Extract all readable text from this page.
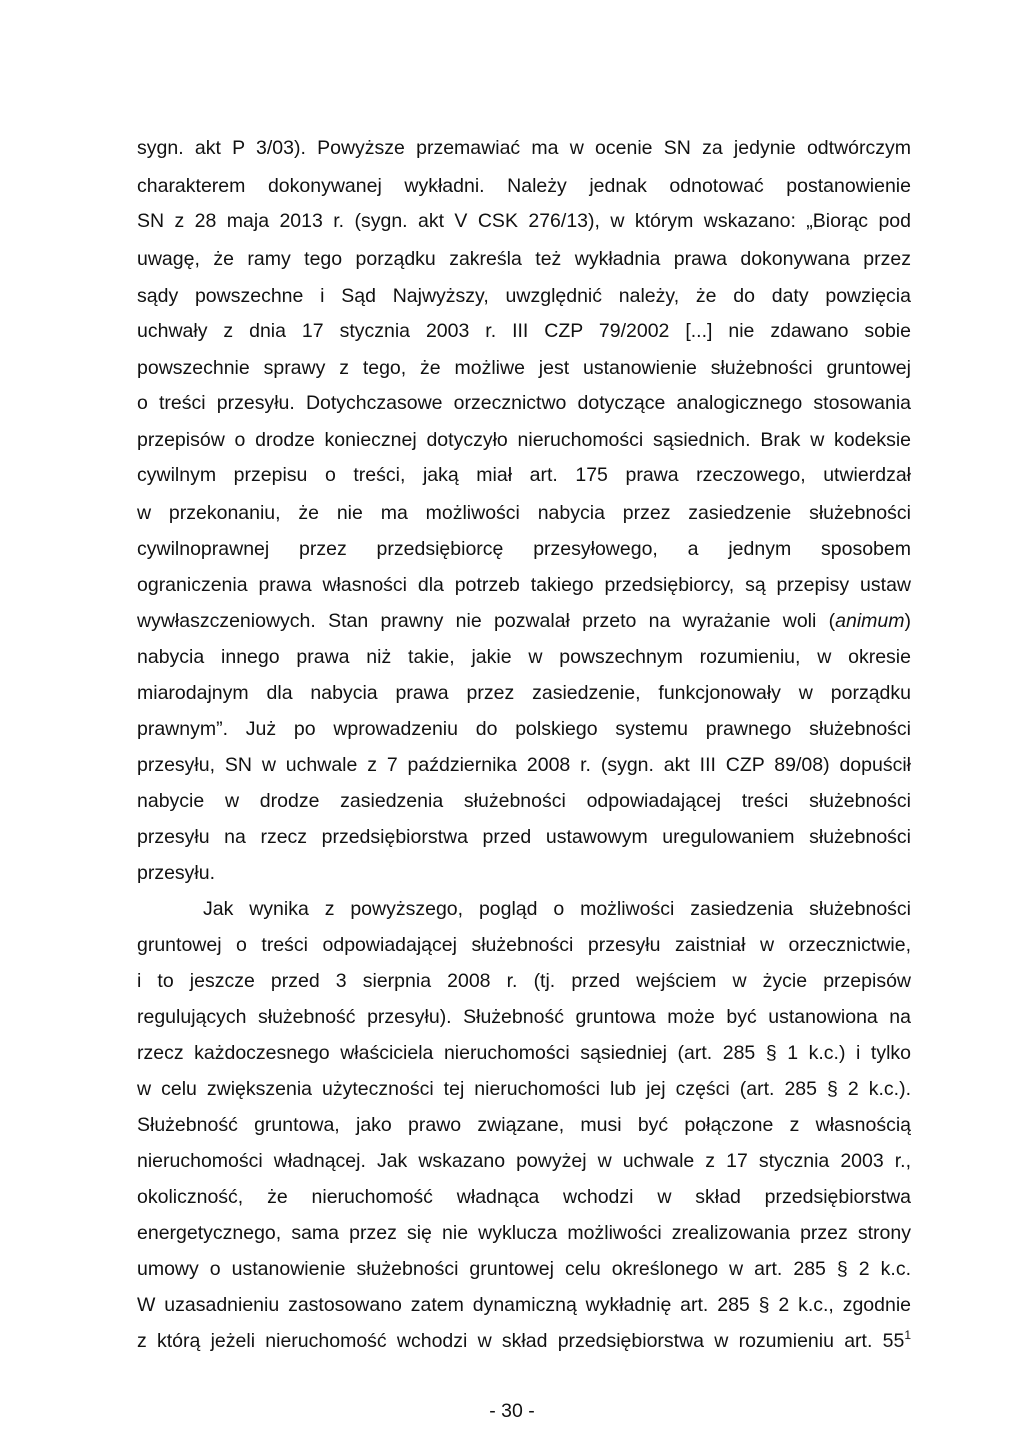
sygn. akt P 3/03). Powyższe przemawiać ma w ocenie SN za jedynie odtwórczym
charakterem dokonywanej wykładni. Należy jednak odnotować postanowienie
SN z 28 maja 2013 r. (sygn. akt V CSK 276/13), w którym wskazano: „Biorąc pod
uwagę, że ramy tego porządku zakreśla też wykładnia prawa dokonywana przez
sądy powszechne i Sąd Najwyższy, uwzględnić należy, że do daty powzięcia
uchwały z dnia 17 stycznia 2003 r. III CZP 79/2002 [...] nie zdawano sobie
powszechnie sprawy z tego, że możliwe jest ustanowienie służebności gruntowej
o treści przesyłu. Dotychczasowe orzecznictwo dotyczące analogicznego stosowania
przepisów o drodze koniecznej dotyczyło nieruchomości sąsiednich. Brak w kodeksie
cywilnym przepisu o treści, jaką miał art. 175 prawa rzeczowego, utwierdzał
w przekonaniu, że nie ma możliwości nabycia przez zasiedzenie służebności
cywilnoprawnej przez przedsiębiorcę przesyłowego, a jednym sposobem
ograniczenia prawa własności dla potrzeb takiego przedsiębiorcy, są przepisy ustaw
wywłaszczeniowych. Stan prawny nie pozwalał przeto na wyrażanie woli (animum)
nabycia innego prawa niż takie, jakie w powszechnym rozumieniu, w okresie
miarodajnym dla nabycia prawa przez zasiedzenie, funkcjonowały w porządku
prawnym”. Już po wprowadzeniu do polskiego systemu prawnego służebności
przesyłu, SN w uchwale z 7 października 2008 r. (sygn. akt III CZP 89/08) dopuścił
nabycie w drodze zasiedzenia służebności odpowiadającej treści służebności
przesyłu na rzecz przedsiębiorstwa przed ustawowym uregulowaniem służebności
przesyłu.
Jak wynika z powyższego, pogląd o możliwości zasiedzenia służebności
gruntowej o treści odpowiadającej służebności przesyłu zaistniał w orzecznictwie,
i to jeszcze przed 3 sierpnia 2008 r. (tj. przed wejściem w życie przepisów
regulujących służebność przesyłu). Służebność gruntowa może być ustanowiona na
rzecz każdoczesnego właściciela nieruchomości sąsiedniej (art. 285 § 1 k.c.) i tylko
w celu zwiększenia użyteczności tej nieruchomości lub jej części (art. 285 § 2 k.c.).
Służebność gruntowa, jako prawo związane, musi być połączone z własnością
nieruchomości władnącej. Jak wskazano powyżej w uchwale z 17 stycznia 2003 r.,
okoliczność, że nieruchomość władnąca wchodzi w skład przedsiębiorstwa
energetycznego, sama przez się nie wyklucza możliwości zrealizowania przez strony
umowy o ustanowienie służebności gruntowej celu określonego w art. 285 § 2 k.c.
W uzasadnieniu zastosowano zatem dynamiczną wykładnię art. 285 § 2 k.c., zgodnie
z którą jeżeli nieruchomość wchodzi w skład przedsiębiorstwa w rozumieniu art. $55^1$
- 30 -
